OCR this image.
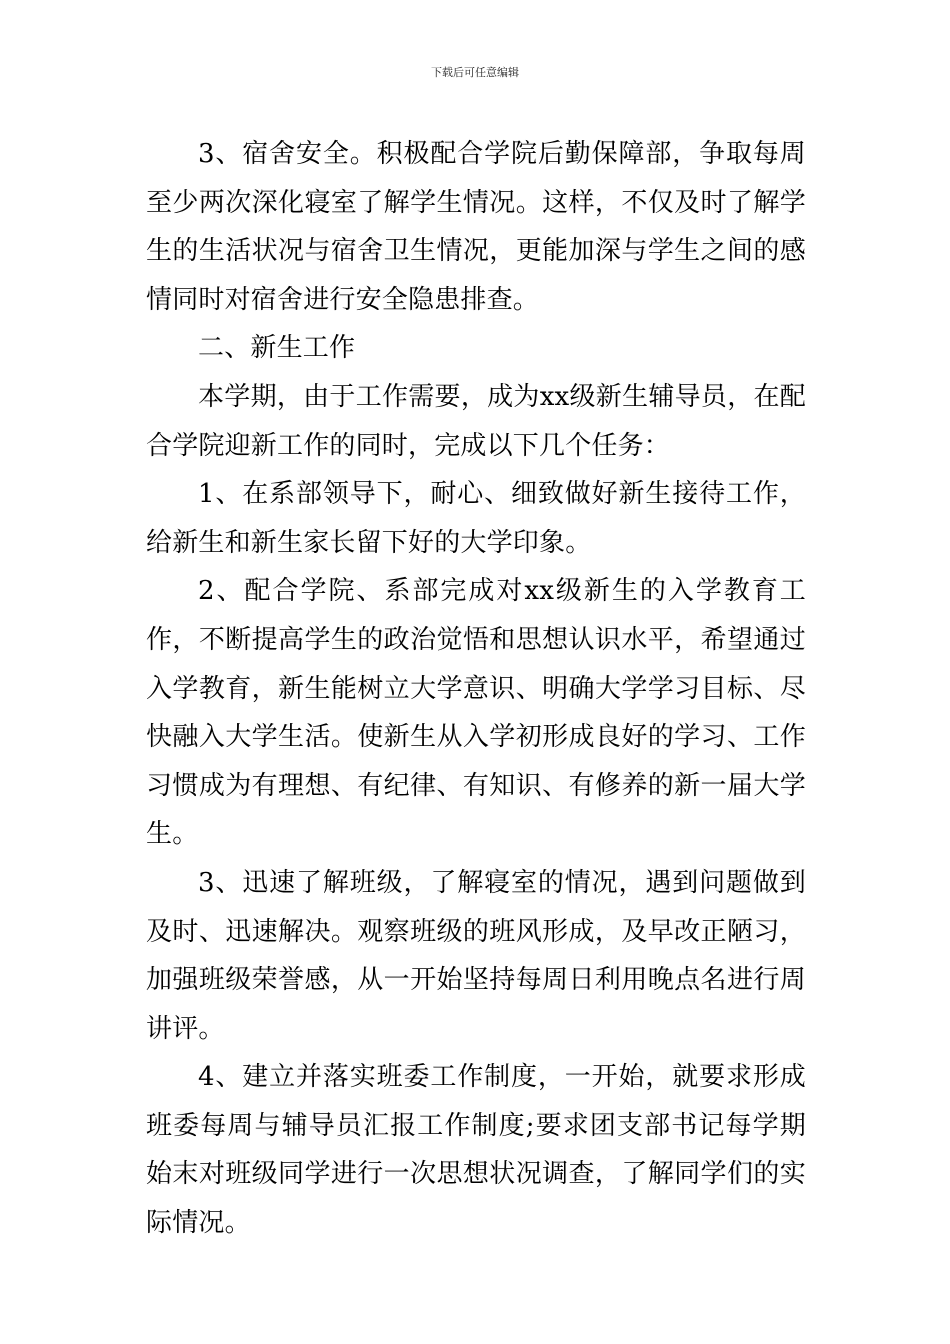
下载后可任意编辑

3、宿舍安全。积极配合学院后勤保障部，争取每周至少两次深化寝室了解学生情况。这样，不仅及时了解学生的生活状况与宿舍卫生情况，更能加深与学生之间的感情同时对宿舍进行安全隐患排查。

二、新生工作

本学期，由于工作需要，成为xx级新生辅导员，在配合学院迎新工作的同时，完成以下几个任务：

1、在系部领导下，耐心、细致做好新生接待工作，给新生和新生家长留下好的大学印象。

2、配合学院、系部完成对xx级新生的入学教育工作，不断提高学生的政治觉悟和思想认识水平，希望通过入学教育，新生能树立大学意识、明确大学学习目标、尽快融入大学生活。使新生从入学初形成良好的学习、工作习惯成为有理想、有纪律、有知识、有修养的新一届大学生。

3、迅速了解班级，了解寝室的情况，遇到问题做到及时、迅速解决。观察班级的班风形成，及早改正陋习，加强班级荣誉感，从一开始坚持每周日利用晚点名进行周讲评。

4、建立并落实班委工作制度，一开始，就要求形成班委每周与辅导员汇报工作制度;要求团支部书记每学期始末对班级同学进行一次思想状况调查，了解同学们的实际情况。
